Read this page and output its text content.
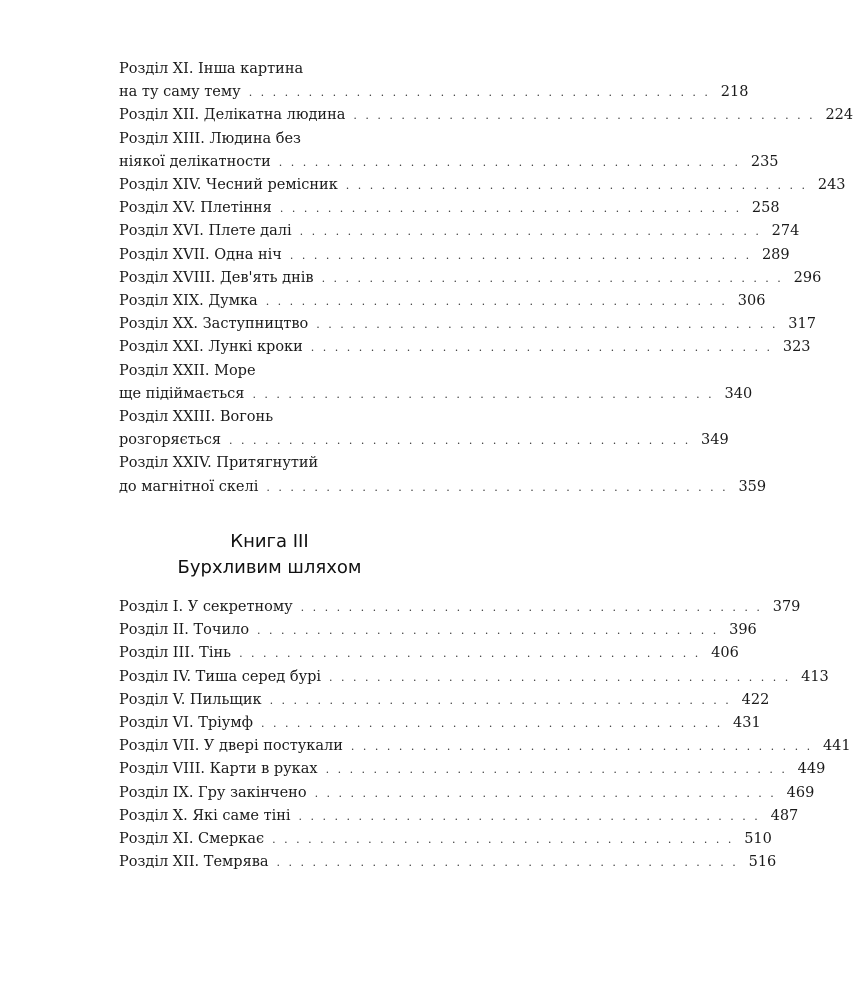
Розділ XI. Інша картина
на ту саму тему . . . . . . . . . . . . . . . . . . . . . . . . . . . . . . . . . . . . . . . 218
Розділ XII. Делікатна людина . . . . . . . . . . . . . . . . . . . . . . . . . . . . . . . . . . . . . . . 224
Розділ XIII. Людина без
ніякої делікатности . . . . . . . . . . . . . . . . . . . . . . . . . . . . . . . . . . . . . . . 235
Розділ XIV. Чесний ремісник . . . . . . . . . . . . . . . . . . . . . . . . . . . . . . . . . . . . . . . 243
Розділ XV. Плетіння . . . . . . . . . . . . . . . . . . . . . . . . . . . . . . . . . . . . . . . 258
Розділ XVI. Плете далі . . . . . . . . . . . . . . . . . . . . . . . . . . . . . . . . . . . . . . . 274
Розділ XVII. Одна ніч . . . . . . . . . . . . . . . . . . . . . . . . . . . . . . . . . . . . . . . 289
Розділ XVIII. Дев'ять днів . . . . . . . . . . . . . . . . . . . . . . . . . . . . . . . . . . . . . . . 296
Розділ XIX. Думка . . . . . . . . . . . . . . . . . . . . . . . . . . . . . . . . . . . . . . . 306
Розділ XX. Заступництво . . . . . . . . . . . . . . . . . . . . . . . . . . . . . . . . . . . . . . . 317
Розділ XXI. Лункі кроки . . . . . . . . . . . . . . . . . . . . . . . . . . . . . . . . . . . . . . . 323
Розділ XXII. Море
ще підіймається . . . . . . . . . . . . . . . . . . . . . . . . . . . . . . . . . . . . . . . 340
Розділ XXIII. Вогонь
розгоряється . . . . . . . . . . . . . . . . . . . . . . . . . . . . . . . . . . . . . . . 349
Розділ XXIV. Притягнутий
до магнітної скелі . . . . . . . . . . . . . . . . . . . . . . . . . . . . . . . . . . . . . . . 359
Книга III
Бурхливим шляхом
Розділ I. У секретному . . . . . . . . . . . . . . . . . . . . . . . . . . . . . . . . . . . . . . . 379
Розділ II. Точило . . . . . . . . . . . . . . . . . . . . . . . . . . . . . . . . . . . . . . . 396
Розділ III. Тінь . . . . . . . . . . . . . . . . . . . . . . . . . . . . . . . . . . . . . . . 406
Розділ IV. Тиша серед бурі . . . . . . . . . . . . . . . . . . . . . . . . . . . . . . . . . . . . . . . 413
Розділ V. Пильщик . . . . . . . . . . . . . . . . . . . . . . . . . . . . . . . . . . . . . . . 422
Розділ VI. Тріумф . . . . . . . . . . . . . . . . . . . . . . . . . . . . . . . . . . . . . . . 431
Розділ VII. У двері постукали . . . . . . . . . . . . . . . . . . . . . . . . . . . . . . . . . . . . . . . 441
Розділ VIII. Карти в руках . . . . . . . . . . . . . . . . . . . . . . . . . . . . . . . . . . . . . . . 449
Розділ IX. Гру закінчено . . . . . . . . . . . . . . . . . . . . . . . . . . . . . . . . . . . . . . . 469
Розділ X. Які саме тіні . . . . . . . . . . . . . . . . . . . . . . . . . . . . . . . . . . . . . . . 487
Розділ XI. Смеркає . . . . . . . . . . . . . . . . . . . . . . . . . . . . . . . . . . . . . . . 510
Розділ XII. Темрява . . . . . . . . . . . . . . . . . . . . . . . . . . . . . . . . . . . . . . . 516
